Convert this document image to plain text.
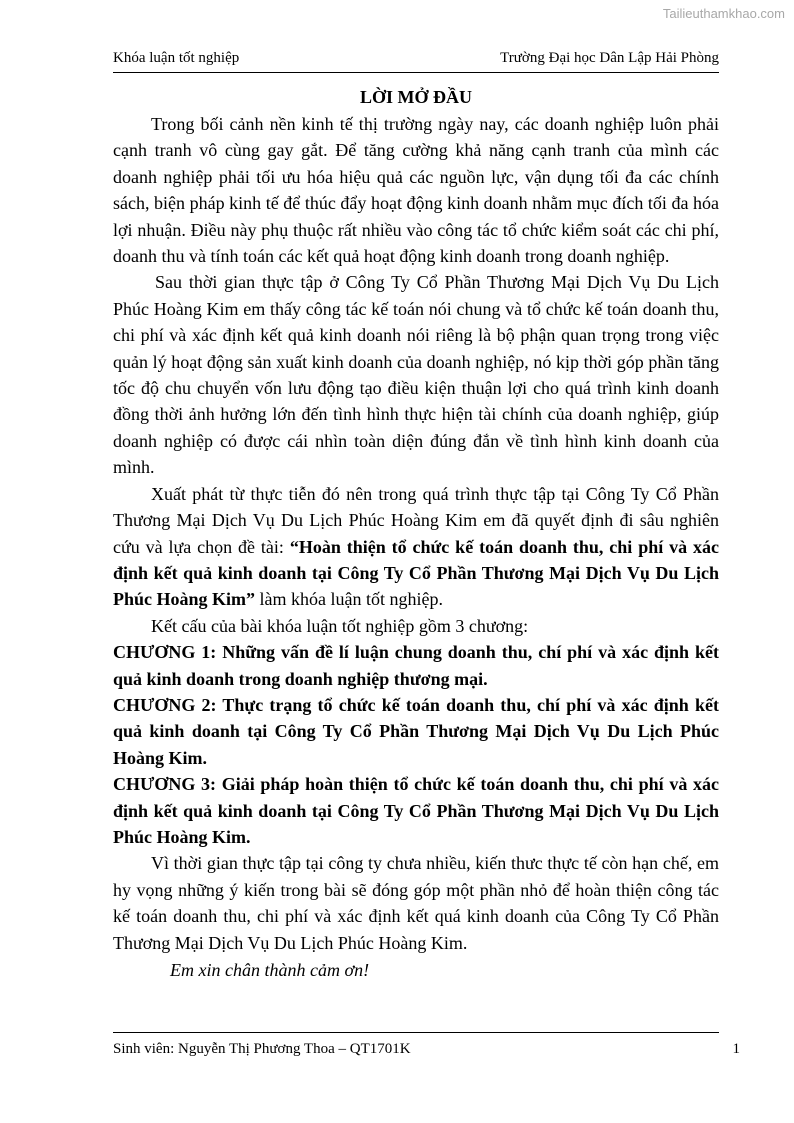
Tailieuthamkhao.com
Khóa luận tốt nghiệp	Trường Đại học Dân Lập Hải Phòng
LỜI MỞ ĐẦU

Trong bối cảnh nền kinh tế thị trường ngày nay, các doanh nghiệp luôn phải cạnh tranh vô cùng gay gắt. Để tăng cường khả năng cạnh tranh của mình các doanh nghiệp phải tối ưu hóa hiệu quả các nguồn lực, vận dụng tối đa các chính sách, biện pháp kinh tế để thúc đẩy hoạt động kinh doanh nhằm mục đích tối đa hóa lợi nhuận. Điều này phụ thuộc rất nhiều vào công tác tổ chức kiểm soát các chi phí, doanh thu và tính toán các kết quả hoạt động kinh doanh trong doanh nghiệp.

Sau thời gian thực tập ở Công Ty Cổ Phần Thương Mại Dịch Vụ Du Lịch Phúc Hoàng Kim em thấy công tác kế toán nói chung và tổ chức kế toán doanh thu, chi phí và xác định kết quả kinh doanh nói riêng là bộ phận quan trọng trong việc quản lý hoạt động sản xuất kinh doanh của doanh nghiệp, nó kịp thời góp phần tăng tốc độ chu chuyển vốn lưu động tạo điều kiện thuận lợi cho quá trình kinh doanh đồng thời ảnh hưởng lớn đến tình hình thực hiện tài chính của doanh nghiệp, giúp doanh nghiệp có được cái nhìn toàn diện đúng đắn về tình hình kinh doanh của mình.

Xuất phát từ thực tiễn đó nên trong quá trình thực tập tại Công Ty Cổ Phần Thương Mại Dịch Vụ Du Lịch Phúc Hoàng Kim em đã quyết định đi sâu nghiên cứu và lựa chọn đề tài: “Hoàn thiện tổ chức kế toán doanh thu, chi phí và xác định kết quả kinh doanh tại Công Ty Cổ Phần Thương Mại Dịch Vụ Du Lịch Phúc Hoàng Kim” làm khóa luận tốt nghiệp.

Kết cấu của bài khóa luận tốt nghiệp gồm 3 chương:

CHƯƠNG 1: Những vấn đề lí luận chung doanh thu, chí phí và xác định kết quả kinh doanh trong doanh nghiệp thương mại.

CHƯƠNG 2: Thực trạng tổ chức kế toán doanh thu, chí phí và xác định kết quả kinh doanh tại Công Ty Cổ Phần Thương Mại Dịch Vụ Du Lịch Phúc Hoàng Kim.

CHƯƠNG 3: Giải pháp hoàn thiện tổ chức kế toán doanh thu, chi phí và xác định kết quả kinh doanh tại Công Ty Cổ Phần Thương Mại Dịch Vụ Du Lịch Phúc Hoàng Kim.

Vì thời gian thực tập tại công ty chưa nhiều, kiến thưc thực tế còn hạn chế, em hy vọng những ý kiến trong bài sẽ đóng góp một phần nhỏ để hoàn thiện công tác kế toán doanh thu, chi phí và xác định kết quá kinh doanh của Công Ty Cổ Phần Thương Mại Dịch Vụ Du Lịch Phúc Hoàng Kim.

Em xin chân thành cảm ơn!

Sinh viên: Nguyễn Thị Phương Thoa – QT1701K	1
